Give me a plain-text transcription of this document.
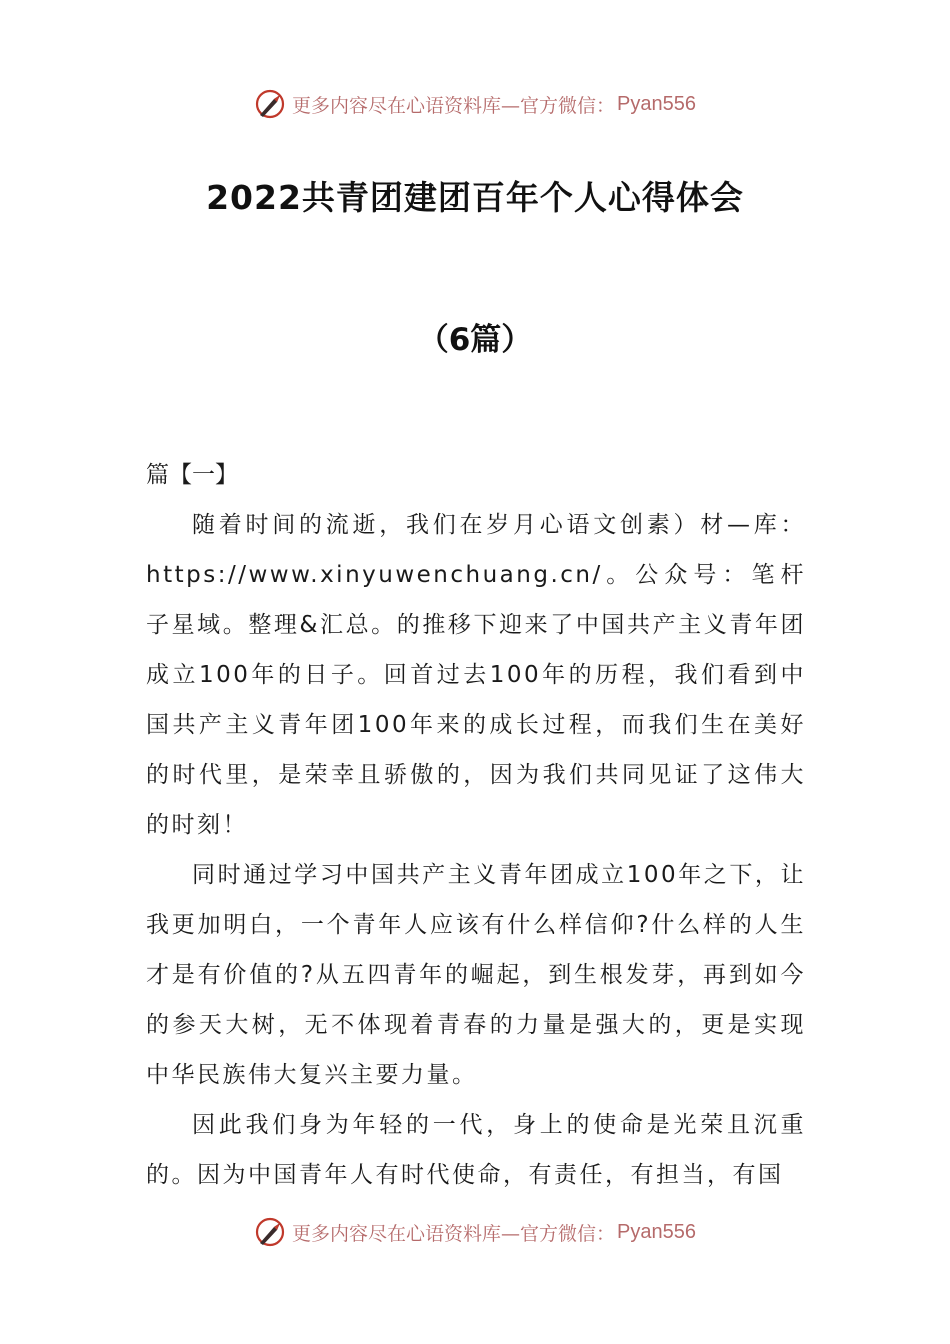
更多内容尽在心语资料库—官方微信： Pyan556
2022共青团建团百年个人心得体会
（6篇）
篇【一】

随着时间的流逝，我们在岁月心语文创素）材—库：https://www.xinyuwenchuang.cn/。公众号：笔杆子星域。整理&汇总。的推移下迎来了中国共产主义青年团成立100年的日子。回首过去100年的历程，我们看到中国共产主义青年团100年来的成长过程，而我们生在美好的时代里，是荣幸且骄傲的，因为我们共同见证了这伟大的时刻！

同时通过学习中国共产主义青年团成立100年之下，让我更加明白，一个青年人应该有什么样信仰?什么样的人生才是有价值的?从五四青年的崛起，到生根发芽，再到如今的参天大树，无不体现着青春的力量是强大的，更是实现中华民族伟大复兴主要力量。

因此我们身为年轻的一代，身上的使命是光荣且沉重的。因为中国青年人有时代使命，有责任，有担当，有国

更多内容尽在心语资料库—官方微信： Pyan556
